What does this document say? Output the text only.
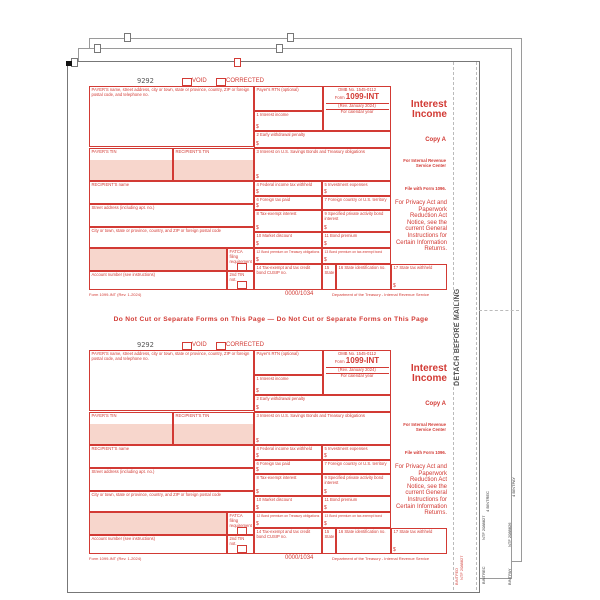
DETACH BEFORE MAILING
BINTFED NTF 2088827	BINTREC
4 BINTREC
NTF 2088827
BINTPAY
4 BINTPAY
NTF 2088826
9292	VOID	CORRECTED
PAYER'S name, street address, city or town, state or province, country, ZIP or foreign postal code, and telephone no.
Payer's RTN (optional)
1 Interest income
$
OMB No. 1545-0112
Form 1099-INT
(Rev. January 2024)
For calendar year
Interest Income
2 Early withdrawal penalty
$
Copy A
PAYER'S TIN	RECIPIENT'S TIN	3 Interest on U.S. Savings Bonds and Treasury obligations
$
For Internal Revenue Service Center
RECIPIENT'S name	4 Federal income tax withheld
$
5 Investment expenses
$
File with Form 1096.
Street address (including apt. no.)
6 Foreign tax paid
$
7 Foreign country or U.S. territory
8 Tax-exempt interest
$
9 Specified private activity bond interest
$
For Privacy Act and Paperwork Reduction Act Notice, see the current General Instructions for Certain Information Returns.
City or town, state or province, country, and ZIP or foreign postal code
10 Market discount
$
11 Bond premium
$
FATCA filing requirement
12 Bond premium on Treasury obligations
$
13 Bond premium on tax-exempt bond
$
Account number (see instructions)	2nd TIN not.
14 Tax-exempt and tax credit bond CUSIP no.
15 State
16 State identification no.	17 State tax withheld
$
Form 1099-INT (Rev. 1-2024)	0000/1034	Department of the Treasury - Internal Revenue Service
Do Not Cut or Separate Forms on This Page — Do Not Cut or Separate Forms on This Page
9292	VOID	CORRECTED
PAYER'S name, street address, city or town, state or province, country, ZIP or foreign postal code, and telephone no.
Payer's RTN (optional)
1 Interest income
$
OMB No. 1545-0112
Form 1099-INT
(Rev. January 2024)
For calendar year
Interest Income
2 Early withdrawal penalty
$
Copy A
PAYER'S TIN	RECIPIENT'S TIN	3 Interest on U.S. Savings Bonds and Treasury obligations
$
For Internal Revenue Service Center
RECIPIENT'S name	4 Federal income tax withheld
$
5 Investment expenses
$
File with Form 1096.
Street address (including apt. no.)
6 Foreign tax paid
$
7 Foreign country or U.S. territory
8 Tax-exempt interest
$
9 Specified private activity bond interest
$
For Privacy Act and Paperwork Reduction Act Notice, see the current General Instructions for Certain Information Returns.
City or town, state or province, country, and ZIP or foreign postal code
10 Market discount
$
11 Bond premium
$
FATCA filing requirement
12 Bond premium on Treasury obligations
$
13 Bond premium on tax-exempt bond
$
Account number (see instructions)	2nd TIN not.
14 Tax-exempt and tax credit bond CUSIP no.
15 State
16 State identification no.	17 State tax withheld
$
Form 1099-INT (Rev. 1-2024)	0000/1034	Department of the Treasury - Internal Revenue Service
